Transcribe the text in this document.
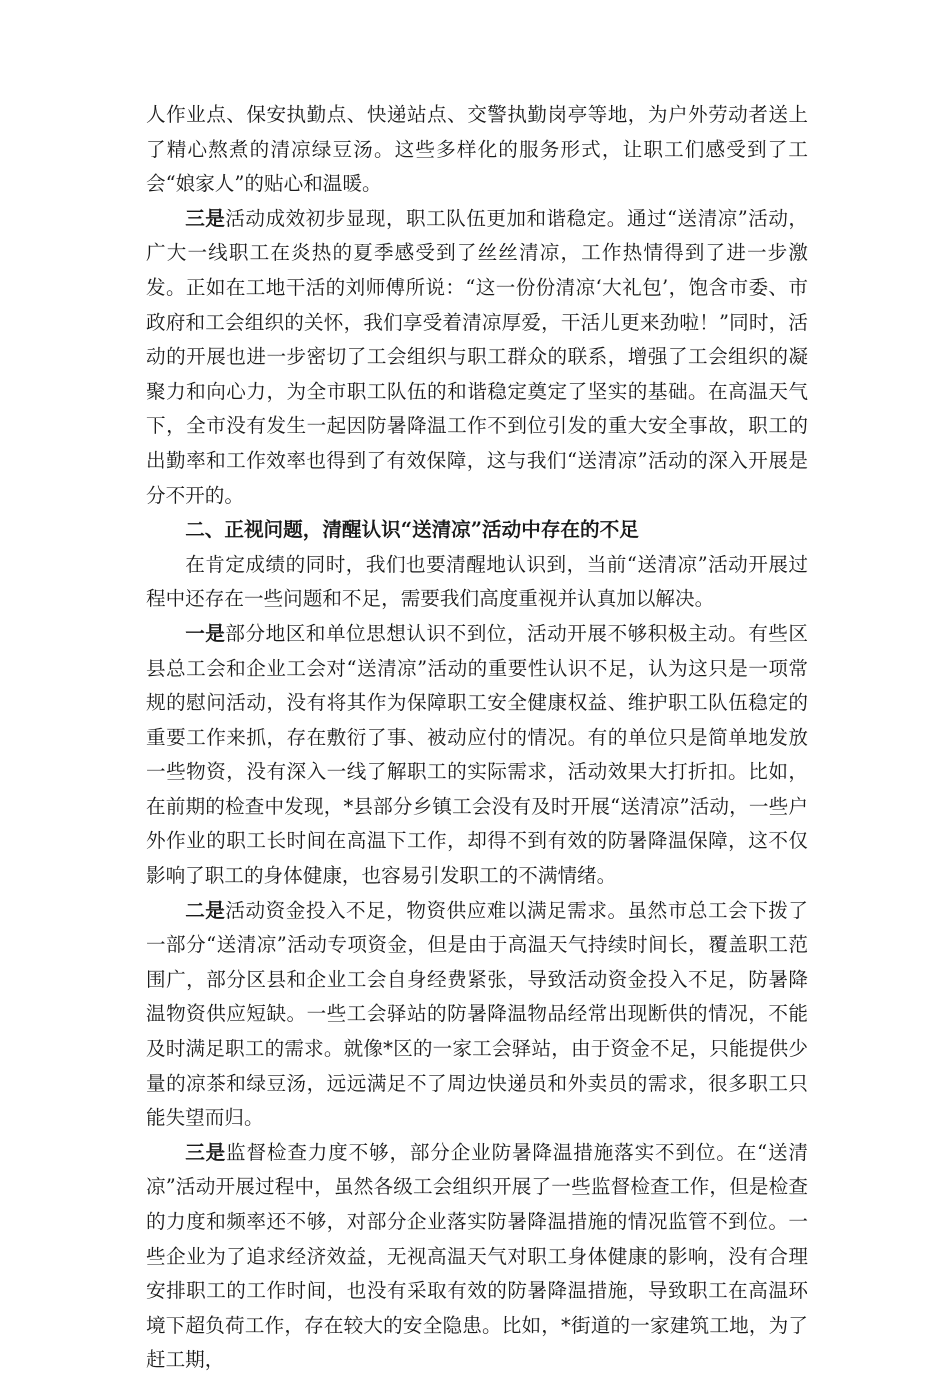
人作业点、保安执勤点、快递站点、交警执勤岗亭等地，为户外劳动者送上了精心熬煮的清凉绿豆汤。这些多样化的服务形式，让职工们感受到了工会“娘家人”的贴心和温暖。

三是活动成效初步显现，职工队伍更加和谐稳定。通过“送清凉”活动，广大一线职工在炎热的夏季感受到了丝丝清凉，工作热情得到了进一步激发。正如在工地干活的刘师傅所说：“这一份份清凉‘大礼包’，饱含市委、市政府和工会组织的关怀，我们享受着清凉厚爱，干活儿更来劲啦！”同时，活动的开展也进一步密切了工会组织与职工群众的联系，增强了工会组织的凝聚力和向心力，为全市职工队伍的和谐稳定奠定了坚实的基础。在高温天气下，全市没有发生一起因防暑降温工作不到位引发的重大安全事故，职工的出勤率和工作效率也得到了有效保障，这与我们“送清凉”活动的深入开展是分不开的。

二、正视问题，清醒认识“送清凉”活动中存在的不足

在肯定成绩的同时，我们也要清醒地认识到，当前“送清凉”活动开展过程中还存在一些问题和不足，需要我们高度重视并认真加以解决。

一是部分地区和单位思想认识不到位，活动开展不够积极主动。有些区县总工会和企业工会对“送清凉”活动的重要性认识不足，认为这只是一项常规的慰问活动，没有将其作为保障职工安全健康权益、维护职工队伍稳定的重要工作来抓，存在敷衍了事、被动应付的情况。有的单位只是简单地发放一些物资，没有深入一线了解职工的实际需求，活动效果大打折扣。比如，在前期的检查中发现，*县部分乡镇工会没有及时开展“送清凉”活动，一些户外作业的职工长时间在高温下工作，却得不到有效的防暑降温保障，这不仅影响了职工的身体健康，也容易引发职工的不满情绪。

二是活动资金投入不足，物资供应难以满足需求。虽然市总工会下拨了一部分“送清凉”活动专项资金，但是由于高温天气持续时间长，覆盖职工范围广，部分区县和企业工会自身经费紧张，导致活动资金投入不足，防暑降温物资供应短缺。一些工会驿站的防暑降温物品经常出现断供的情况，不能及时满足职工的需求。就像*区的一家工会驿站，由于资金不足，只能提供少量的凉茶和绿豆汤，远远满足不了周边快递员和外卖员的需求，很多职工只能失望而归。

三是监督检查力度不够，部分企业防暑降温措施落实不到位。在“送清凉”活动开展过程中，虽然各级工会组织开展了一些监督检查工作，但是检查的力度和频率还不够，对部分企业落实防暑降温措施的情况监管不到位。一些企业为了追求经济效益，无视高温天气对职工身体健康的影响，没有合理安排职工的工作时间，也没有采取有效的防暑降温措施，导致职工在高温环境下超负荷工作，存在较大的安全隐患。比如，*街道的一家建筑工地，为了赶工期，
